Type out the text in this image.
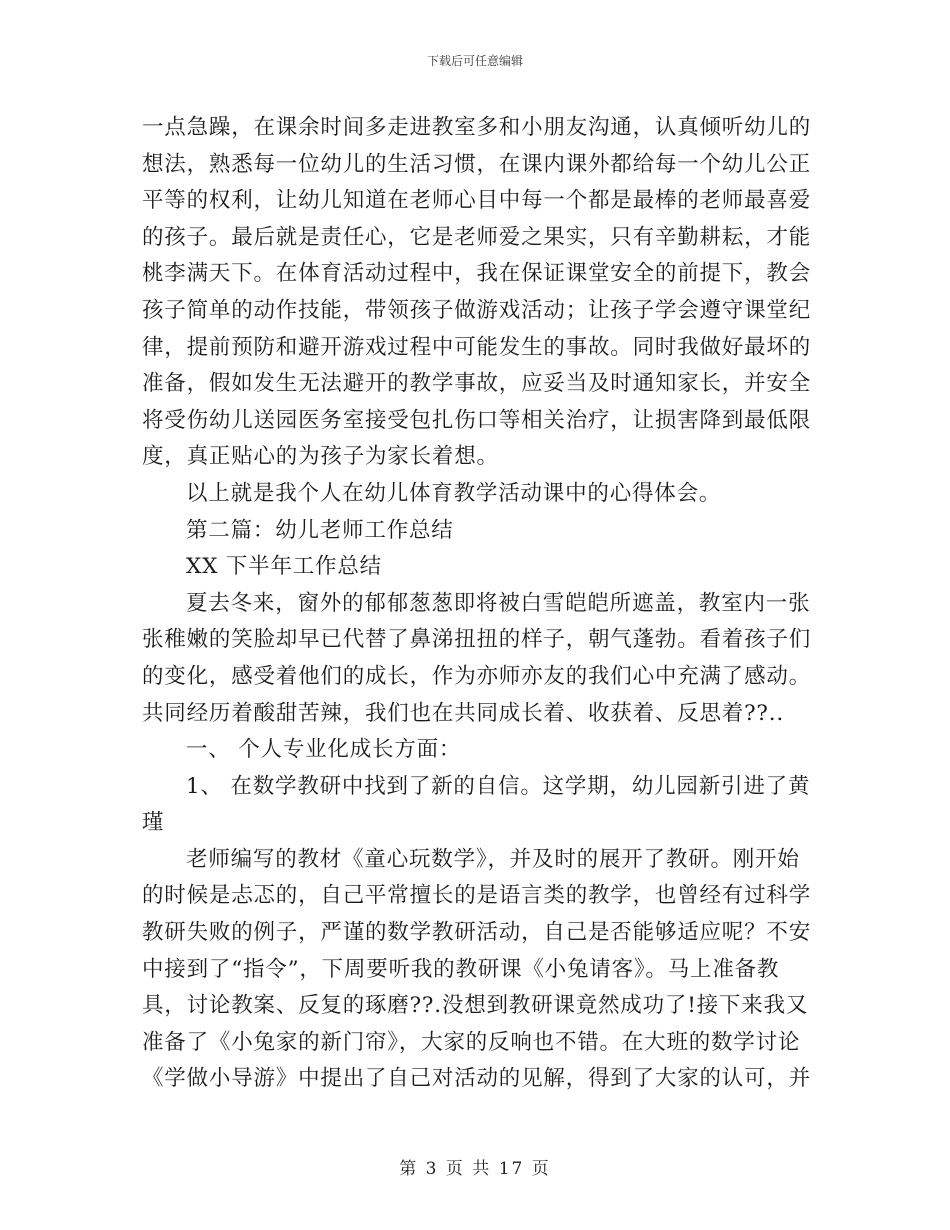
下载后可任意编辑
一点急躁，在课余时间多走进教室多和小朋友沟通，认真倾听幼儿的
想法，熟悉每一位幼儿的生活习惯，在课内课外都给每一个幼儿公正
平等的权利，让幼儿知道在老师心目中每一个都是最棒的老师最喜爱
的孩子。最后就是责任心，它是老师爱之果实，只有辛勤耕耘，才能
桃李满天下。在体育活动过程中，我在保证课堂安全的前提下，教会
孩子简单的动作技能，带领孩子做游戏活动；让孩子学会遵守课堂纪
律，提前预防和避开游戏过程中可能发生的事故。同时我做好最坏的
准备，假如发生无法避开的教学事故，应妥当及时通知家长，并安全
将受伤幼儿送园医务室接受包扎伤口等相关治疗，让损害降到最低限
度，真正贴心的为孩子为家长着想。
以上就是我个人在幼儿体育教学活动课中的心得体会。
第二篇：幼儿老师工作总结
XX 下半年工作总结
夏去冬来，窗外的郁郁葱葱即将被白雪皑皑所遮盖，教室内一张
张稚嫩的笑脸却早已代替了鼻涕扭扭的样子，朝气蓬勃。看着孩子们
的变化，感受着他们的成长，作为亦师亦友的我们心中充满了感动。
共同经历着酸甜苦辣，我们也在共同成长着、收获着、反思着??..
一、 个人专业化成长方面：
1、 在数学教研中找到了新的自信。这学期，幼儿园新引进了黄
瑾
老师编写的教材《童心玩数学》，并及时的展开了教研。刚开始
的时候是忐忑的，自己平常擅长的是语言类的教学，也曾经有过科学
教研失败的例子，严谨的数学教研活动，自己是否能够适应呢？不安
中接到了“指令”，下周要听我的教研课《小兔请客》。马上准备教
具，讨论教案、反复的琢磨??.没想到教研课竟然成功了!接下来我又
准备了《小兔家的新门帘》，大家的反响也不错。在大班的数学讨论
《学做小导游》中提出了自己对活动的见解，得到了大家的认可，并
第 3 页 共 17 页
